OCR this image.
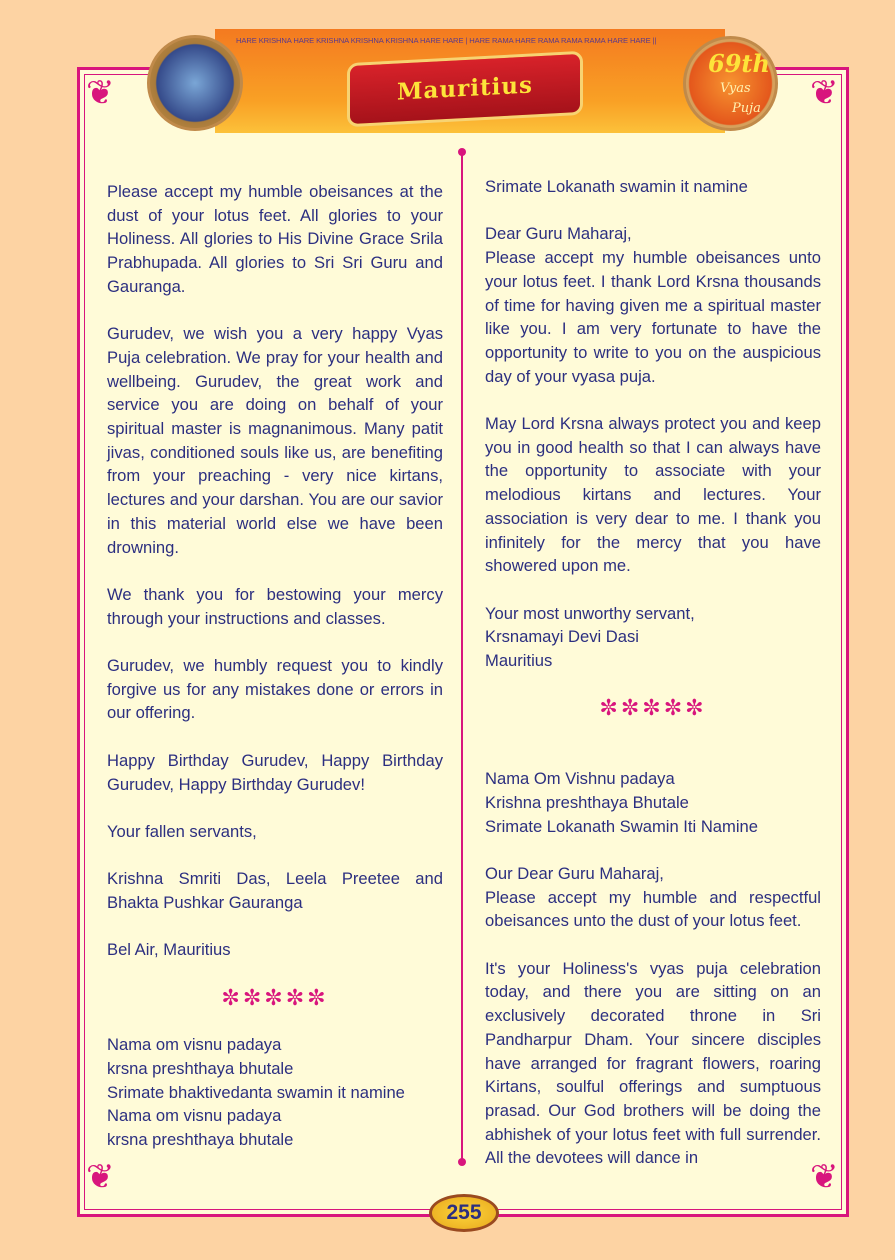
❦	❦
❦	❦
HARE KRISHNA HARE KRISHNA KRISHNA KRISHNA HARE HARE | HARE RAMA HARE RAMA RAMA RAMA HARE HARE ||
Mauritius
69th
Vyas
Puja

Please accept my humble obeisances at the dust of your lotus feet. All glories to your Holiness. All glories to His Divine Grace Srila Prabhupada. All glories to Sri Sri Guru and Gauranga.

Gurudev, we wish you a very happy Vyas Puja celebration. We pray for your health and wellbeing. Gurudev, the great work and service you are doing on behalf of your spiritual master is magnanimous. Many patit jivas, conditioned souls like us, are benefiting from your preaching - very nice kirtans, lectures and your darshan. You are our savior in this material world else we have been drowning.

We thank you for bestowing your mercy through your instructions and classes.

Gurudev, we humbly request you to kindly forgive us for any mistakes done or errors in our offering.

Happy Birthday Gurudev, Happy Birthday Gurudev, Happy Birthday Gurudev!

Your fallen servants,

Krishna Smriti Das, Leela Preetee and Bhakta Pushkar Gauranga

Bel Air, Mauritius

✼✼✼✼✼

Nama om visnu padaya
krsna preshthaya bhutale
Srimate bhaktivedanta swamin it namine
Nama om visnu padaya
krsna preshthaya bhutale

Srimate Lokanath swamin it namine

Dear Guru Maharaj,
Please accept my humble obeisances unto your lotus feet. I thank Lord Krsna thousands of time for having given me a spiritual master like you. I am very fortunate to have the opportunity to write to you on the auspicious day of your vyasa puja.

May Lord Krsna always protect you and keep you in good health so that I can always have the opportunity to associate with your melodious kirtans and lectures. Your association is very dear to me. I thank you infinitely for the mercy that you have showered upon me.

Your most unworthy servant,
Krsnamayi Devi Dasi
Mauritius

✼✼✼✼✼

Nama Om Vishnu padaya
Krishna preshthaya Bhutale
Srimate Lokanath Swamin Iti Namine

Our Dear Guru Maharaj,
Please accept my humble and respectful obeisances unto the dust of your lotus feet.

It's your Holiness's vyas puja celebration today, and there you are sitting on an exclusively decorated throne in Sri Pandharpur Dham. Your sincere disciples have arranged for fragrant flowers, roaring Kirtans, soulful offerings and sumptuous prasad. Our God brothers will be doing the abhishek of your lotus feet with full surrender. All the devotees will dance in

255
